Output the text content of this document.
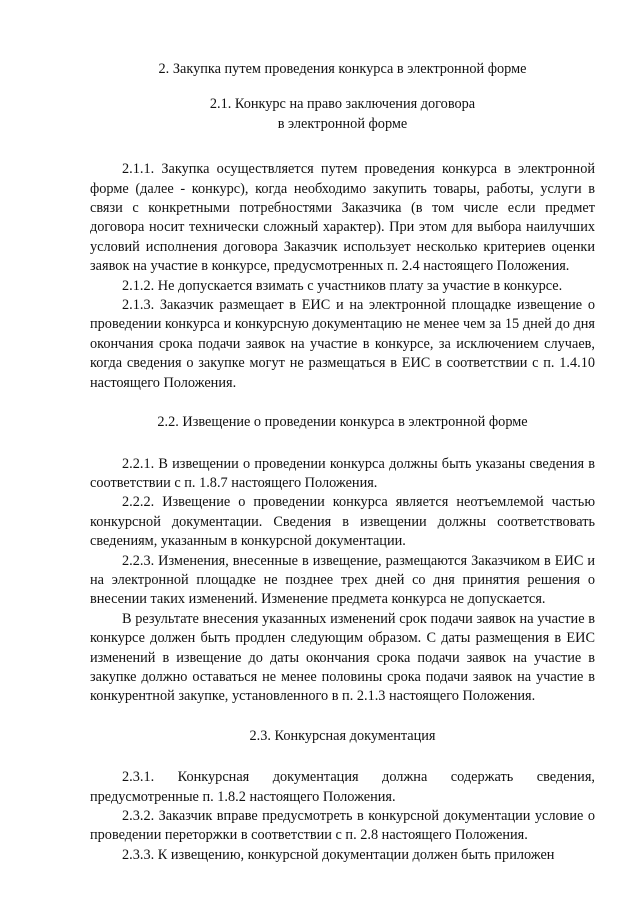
2. Закупка путем проведения конкурса в электронной форме

2.1. Конкурс на право заключения договора

в электронной форме

2.1.1. Закупка осуществляется путем проведения конкурса в электронной форме (далее - конкурс), когда необходимо закупить товары, работы, услуги в связи с конкретными потребностями Заказчика (в том числе если предмет договора носит технически сложный характер). При этом для выбора наилучших условий исполнения договора Заказчик использует несколько критериев оценки заявок на участие в конкурсе, предусмотренных п. 2.4 настоящего Положения.

2.1.2. Не допускается взимать с участников плату за участие в конкурсе.

2.1.3. Заказчик размещает в ЕИС и на электронной площадке извещение о проведении конкурса и конкурсную документацию не менее чем за 15 дней до дня окончания срока подачи заявок на участие в конкурсе, за исключением случаев, когда сведения о закупке могут не размещаться в ЕИС в соответствии с п. 1.4.10 настоящего Положения.

2.2. Извещение о проведении конкурса в электронной форме

2.2.1. В извещении о проведении конкурса должны быть указаны сведения в соответствии с п. 1.8.7 настоящего Положения.

2.2.2. Извещение о проведении конкурса является неотъемлемой частью конкурсной документации. Сведения в извещении должны соответствовать сведениям, указанным в конкурсной документации.

2.2.3. Изменения, внесенные в извещение, размещаются Заказчиком в ЕИС и на электронной площадке не позднее трех дней со дня принятия решения о внесении таких изменений. Изменение предмета конкурса не допускается.

В результате внесения указанных изменений срок подачи заявок на участие в конкурсе должен быть продлен следующим образом. С даты размещения в ЕИС изменений в извещение до даты окончания срока подачи заявок на участие в закупке должно оставаться не менее половины срока подачи заявок на участие в конкурентной закупке, установленного в п. 2.1.3 настоящего Положения.

2.3. Конкурсная документация

2.3.1. Конкурсная документация должна содержать сведения, предусмотренные п. 1.8.2 настоящего Положения.

2.3.2. Заказчик вправе предусмотреть в конкурсной документации условие о проведении переторжки в соответствии с п. 2.8 настоящего Положения.

2.3.3. К извещению, конкурсной документации должен быть приложен
